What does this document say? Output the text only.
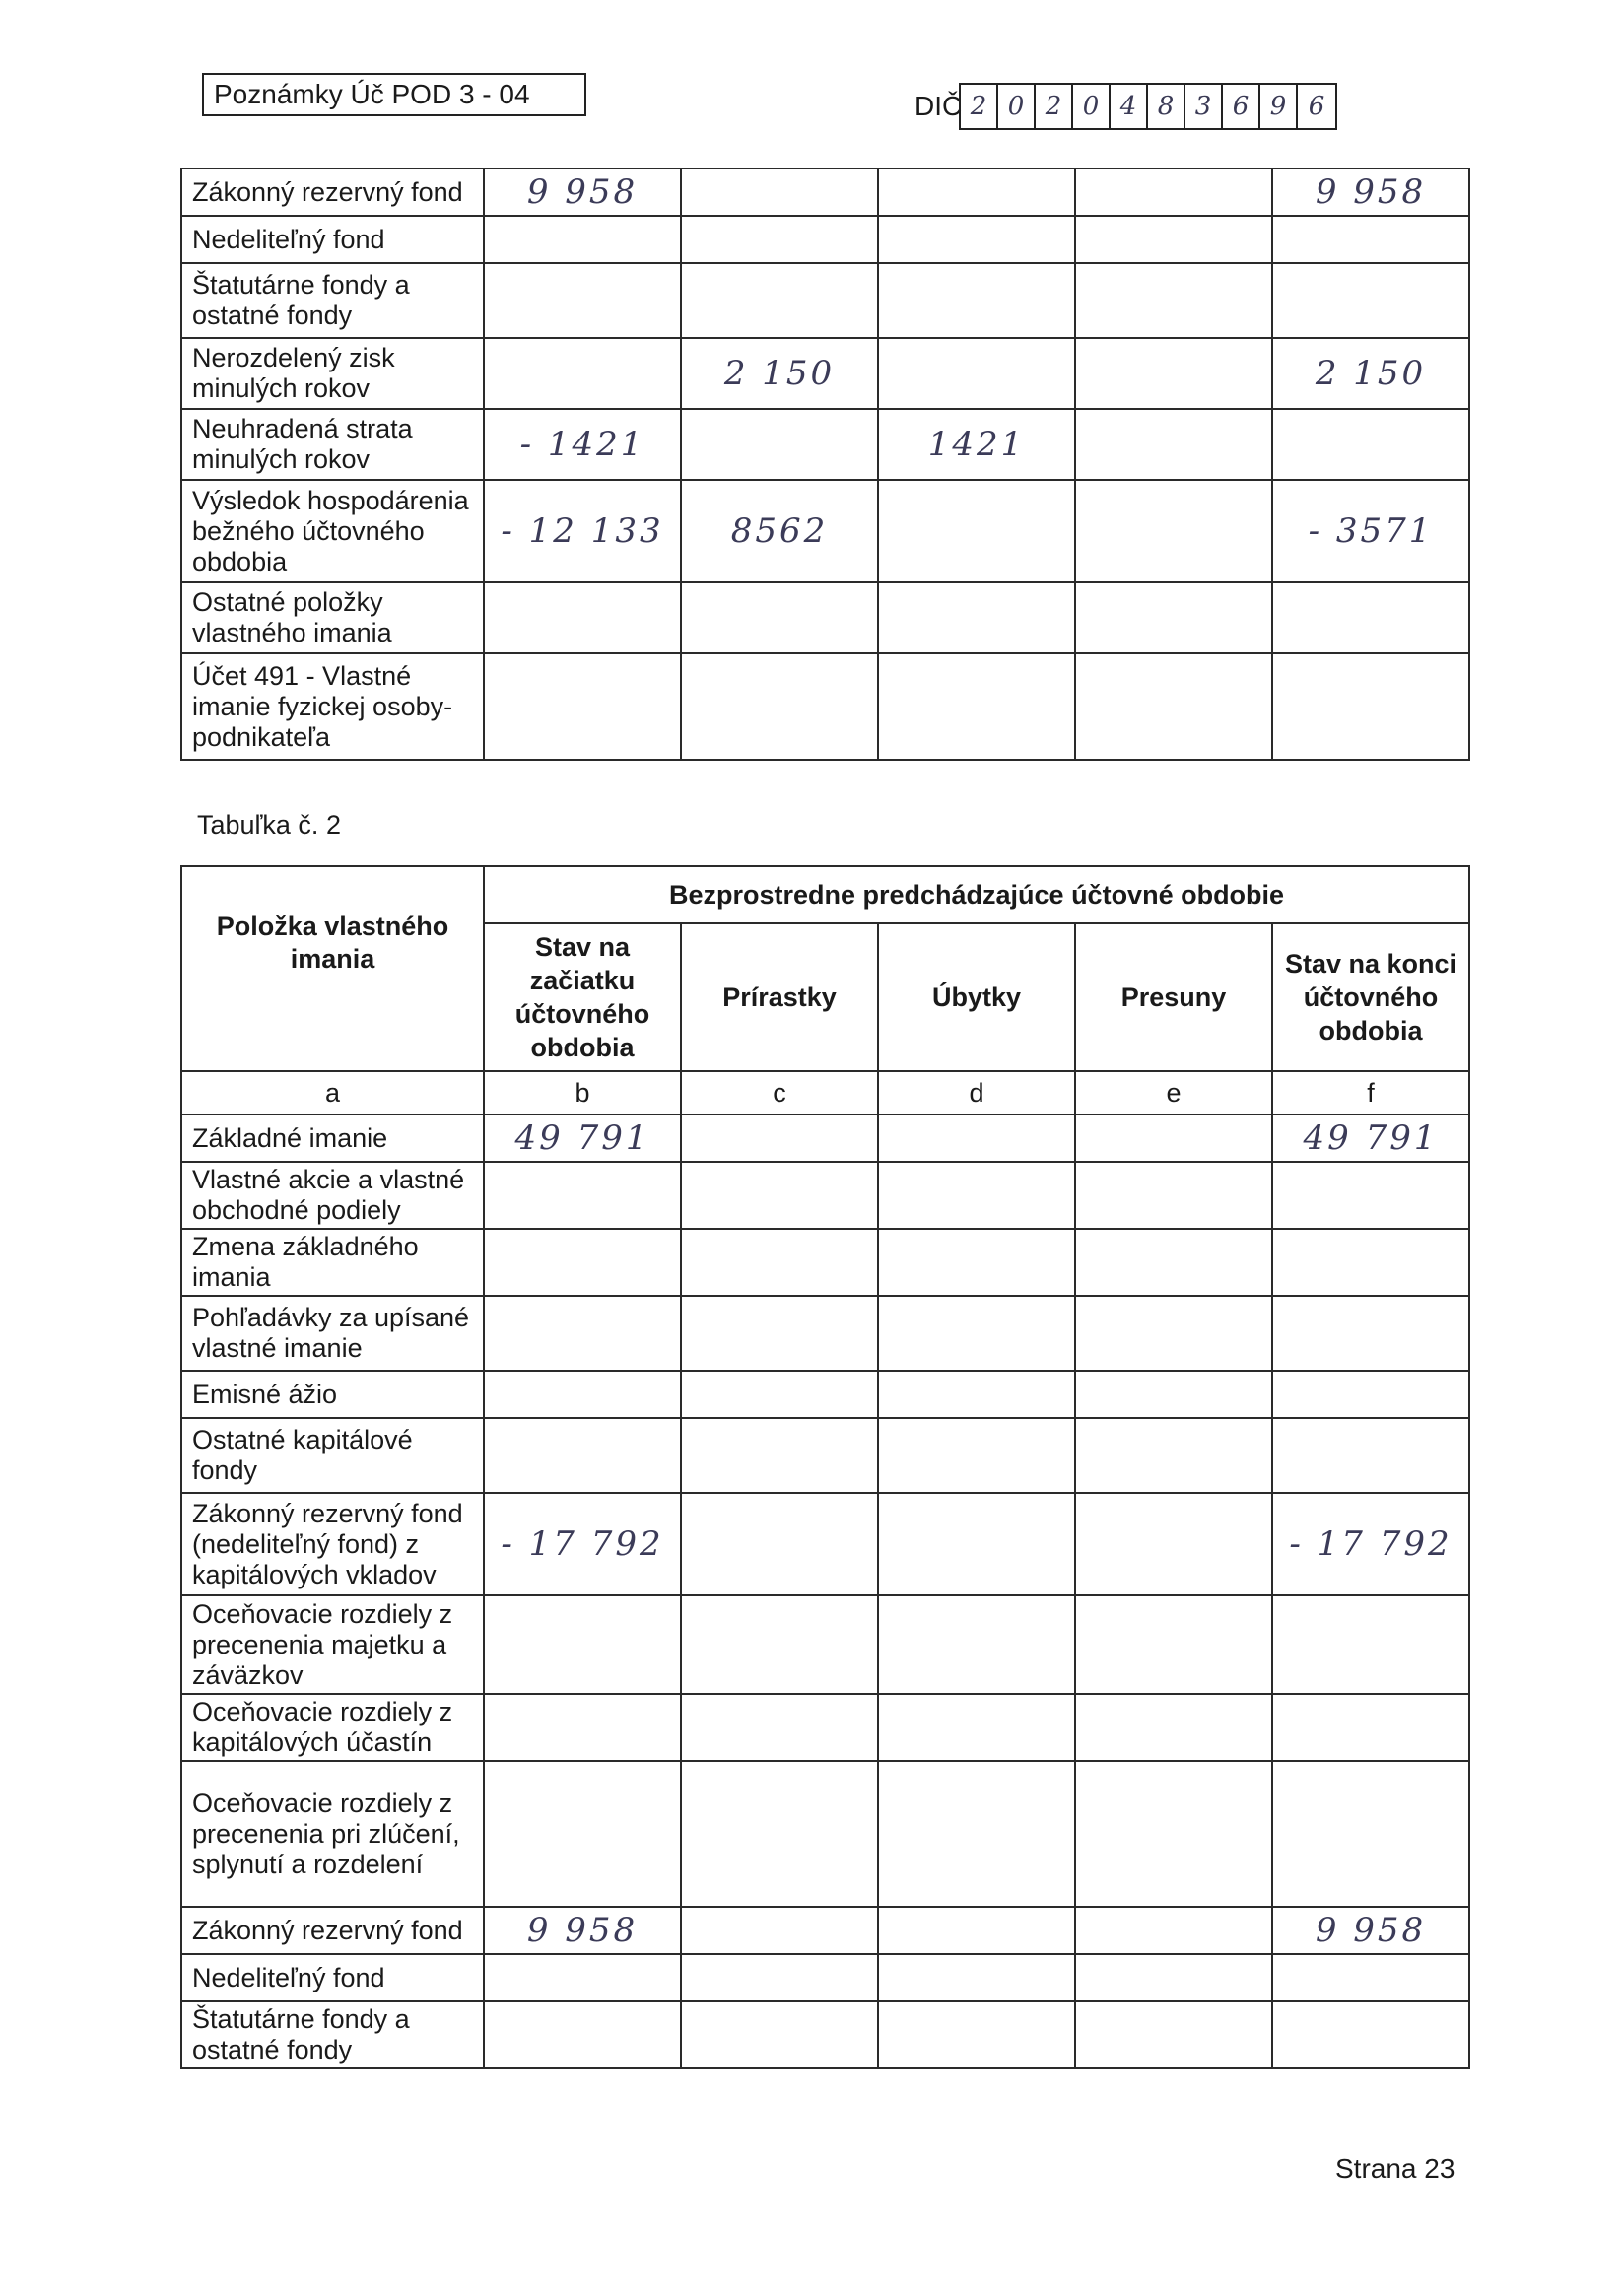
Poznámky Úč POD 3 - 04	DIČ 2 0 2 0 4 8 3 6 9 6
Zákonný rezervný fond	9 958				9 958
Nedeliteľný fond					
Štatutárne fondy a ostatné fondy					
Nerozdelený zisk minulých rokov		2 150			2 150
Neuhradená strata minulých rokov	- 1421		1421		
Výsledok hospodárenia bežného účtovného obdobia	- 12 133	8562			- 3571
Ostatné položky vlastného imania					
Účet 491 - Vlastné imanie fyzickej osoby-podnikateľa					
Tabuľka č. 2
Položka vlastného imania	Bezprostredne predchádzajúce účtovné obdobie				
	Stav na začiatku účtovného obdobia	Prírastky	Úbytky	Presuny	Stav na konci účtovného obdobia
a	b	c	d	e	f
Základné imanie	49 791				49 791
Vlastné akcie a vlastné obchodné podiely					
Zmena základného imania					
Pohľadávky za upísané vlastné imanie					
Emisné ážio					
Ostatné kapitálové fondy					
Zákonný rezervný fond (nedeliteľný fond) z kapitálových vkladov	- 17 792				- 17 792
Oceňovacie rozdiely z precenenia majetku a záväzkov					
Oceňovacie rozdiely z kapitálových účastín					
Oceňovacie rozdiely z precenenia pri zlúčení, splynutí a rozdelení					
Zákonný rezervný fond	9 958				9 958
Nedeliteľný fond					
Štatutárne fondy a ostatné fondy					
Strana 23
